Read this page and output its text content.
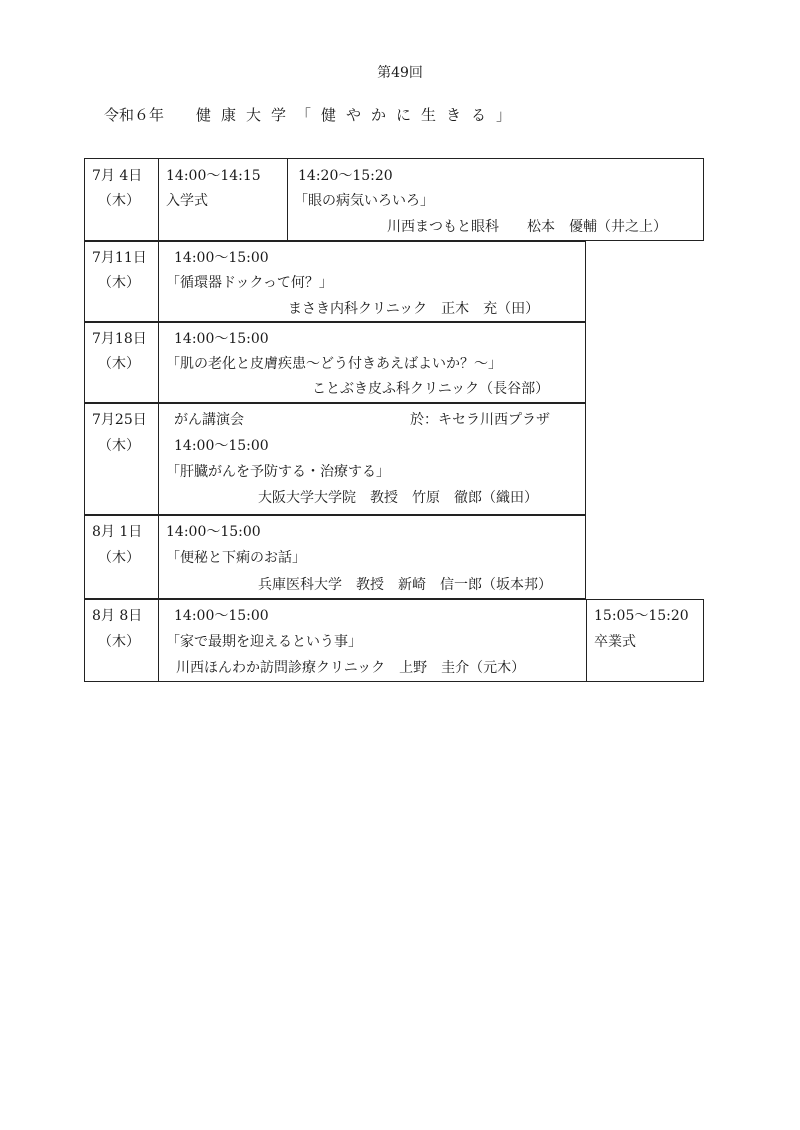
第49回
令和６年 健康大学「健やかに生きる」
7月 4日
（木）
14:00～14:15
入学式
14:20～15:20
「眼の病気いろいろ」
川西まつもと眼科　　松本　優輔（井之上）
7月11日
（木）
14:00～15:00
「循環器ドックって何？」
まさき内科クリニック　正木　充（田）
7月18日
（木）
14:00～15:00
「肌の老化と皮膚疾患～どう付きあえばよいか？～」
ことぶき皮ふ科クリニック（長谷部）
7月25日
（木）
がん講演会	於：キセラ川西プラザ
14:00～15:00
「肝臓がんを予防する・治療する」
大阪大学大学院　教授　竹原　徹郎（織田）
8月 1日
（木）
14:00～15:00
「便秘と下痢のお話」
兵庫医科大学　教授　新崎　信一郎（坂本邦）
8月 8日
（木）
14:00～15:00
「家で最期を迎えるという事」
川西ほんわか訪問診療クリニック　上野　圭介（元木）
15:05～15:20
卒業式
